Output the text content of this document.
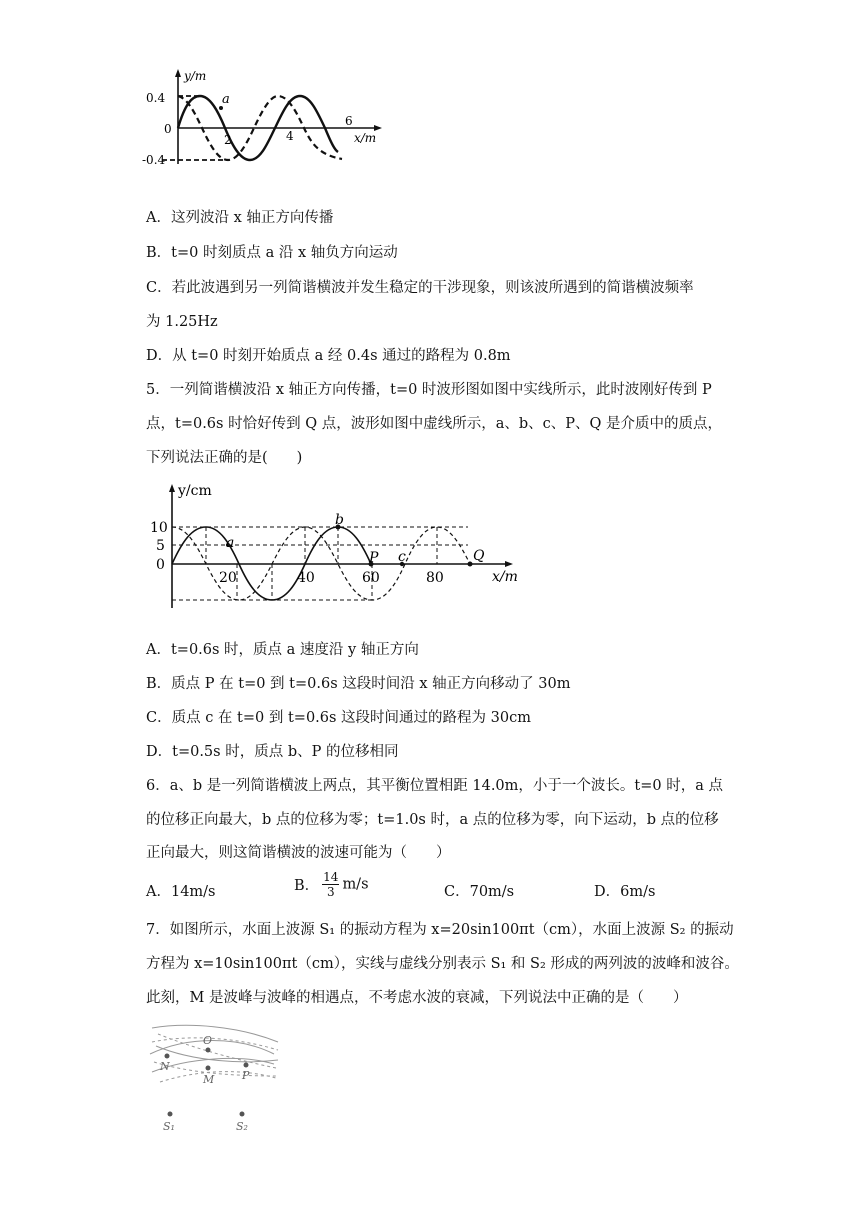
a
y/m
x/m
0.4
0
-0.4
2	4
6
A．这列波沿 x 轴正方向传播
B．t=0 时刻质点 a 沿 x 轴负方向运动
C．若此波遇到另一列简谐横波并发生稳定的干涉现象，则该波所遇到的简谐横波频率
为 1.25Hz
D．从 t=0 时刻开始质点 a 经 0.4s 通过的路程为 0.8m
5．一列简谐横波沿 x 轴正方向传播，t=0 时波形图如图中实线所示，此时波刚好传到 P
点，t=0.6s 时恰好传到 Q 点，波形如图中虚线所示，a、b、c、P、Q 是介质中的质点，
下列说法正确的是(　　)
a
b
P c	Q
y/cm
x/m
10
5
0
20	40	60	80
A．t=0.6s 时，质点 a 速度沿 y 轴正方向
B．质点 P 在 t=0 到 t=0.6s 这段时间沿 x 轴正方向移动了 30m
C．质点 c 在 t=0 到 t=0.6s 这段时间通过的路程为 30cm
D．t=0.5s 时，质点 b、P 的位移相同
6．a、b 是一列简谐横波上两点，其平衡位置相距 14.0m，小于一个波长。t=0 时，a 点
的位移正向最大，b 点的位移为零；t=1.0s 时，a 点的位移为零，向下运动，b 点的位移
正向最大，则这简谐横波的波速可能为（　　）
A．14m/s	B． $\frac{14}{3} m/s$	C．70m/s	D．6m/s
7．如图所示，水面上波源 S₁ 的振动方程为 x=20sin100πt（cm），水面上波源 S₂ 的振动
方程为 x=10sin100πt（cm），实线与虚线分别表示 S₁ 和 S₂ 形成的两列波的波峰和波谷。
此刻，M 是波峰与波峰的相遇点，不考虑水波的衰减，下列说法中正确的是（　　）
O
N
M	P
S₁	S₂
